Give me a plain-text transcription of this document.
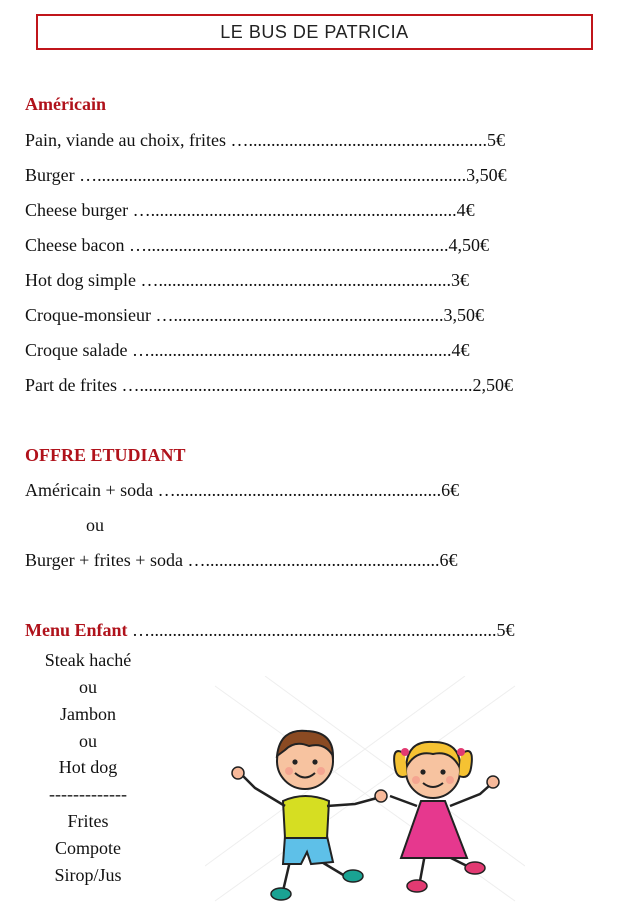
LE BUS DE PATRICIA
Américain
Pain, viande au choix, frites ….....................................................5€
Burger …..................................................................................3,50€
Cheese burger …....................................................................4€
Cheese bacon …...................................................................4,50€
Hot dog simple ….................................................................3€
Croque-monsieur …............................................................3,50€
Croque salade …...................................................................4€
Part de frites …..........................................................................2,50€
OFFRE ETUDIANT
Américain + soda …...........................................................6€
ou
Burger + frites + soda …....................................................6€
Menu Enfant ….............................................................................5€
Steak haché
ou
Jambon
ou
Hot dog
-------------
Frites
Compote
Sirop/Jus
